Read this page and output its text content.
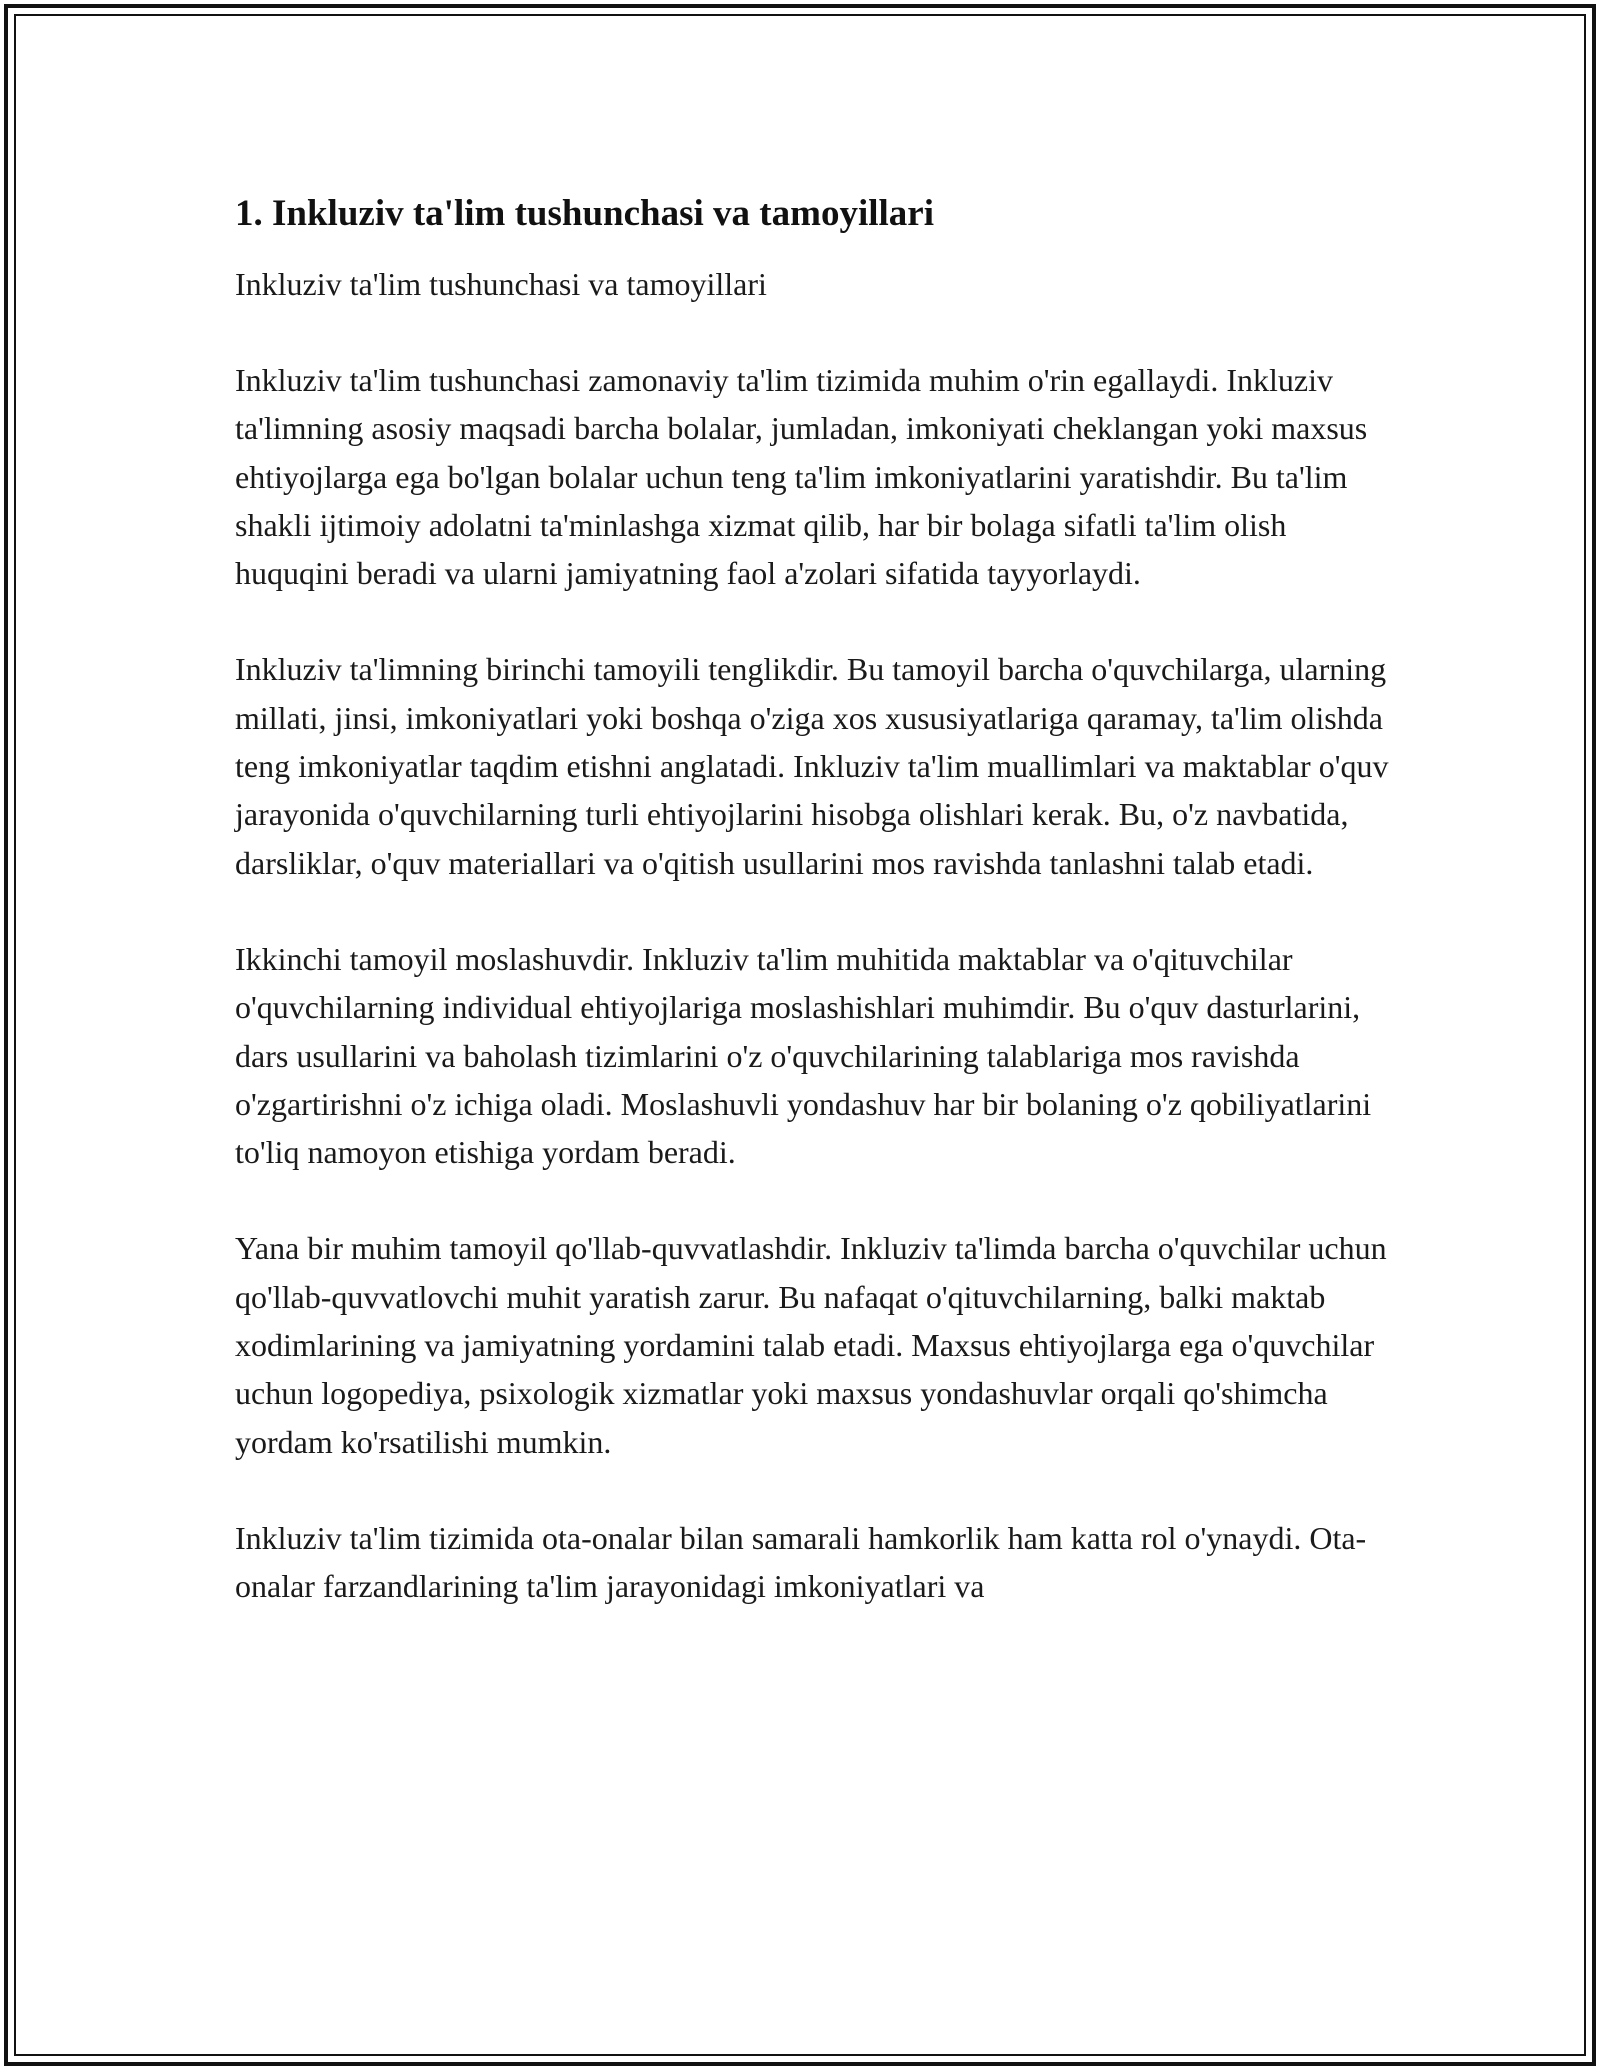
1. Inkluziv ta'lim tushunchasi va tamoyillari

Inkluziv ta'lim tushunchasi va tamoyillari

Inkluziv ta'lim tushunchasi zamonaviy ta'lim tizimida muhim o'rin egallaydi. Inkluziv ta'limning asosiy maqsadi barcha bolalar, jumladan, imkoniyati cheklangan yoki maxsus ehtiyojlarga ega bo'lgan bolalar uchun teng ta'lim imkoniyatlarini yaratishdir. Bu ta'lim shakli ijtimoiy adolatni ta'minlashga xizmat qilib, har bir bolaga sifatli ta'lim olish huquqini beradi va ularni jamiyatning faol a'zolari sifatida tayyorlaydi.

Inkluziv ta'limning birinchi tamoyili tenglikdir. Bu tamoyil barcha o'quvchilarga, ularning millati, jinsi, imkoniyatlari yoki boshqa o'ziga xos xususiyatlariga qaramay, ta'lim olishda teng imkoniyatlar taqdim etishni anglatadi. Inkluziv ta'lim muallimlari va maktablar o'quv jarayonida o'quvchilarning turli ehtiyojlarini hisobga olishlari kerak. Bu, o'z navbatida, darsliklar, o'quv materiallari va o'qitish usullarini mos ravishda tanlashni talab etadi.

Ikkinchi tamoyil moslashuvdir. Inkluziv ta'lim muhitida maktablar va o'qituvchilar o'quvchilarning individual ehtiyojlariga moslashishlari muhimdir. Bu o'quv dasturlarini, dars usullarini va baholash tizimlarini o'z o'quvchilarining talablariga mos ravishda o'zgartirishni o'z ichiga oladi. Moslashuvli yondashuv har bir bolaning o'z qobiliyatlarini to'liq namoyon etishiga yordam beradi.

Yana bir muhim tamoyil qo'llab-quvvatlashdir. Inkluziv ta'limda barcha o'quvchilar uchun qo'llab-quvvatlovchi muhit yaratish zarur. Bu nafaqat o'qituvchilarning, balki maktab xodimlarining va jamiyatning yordamini talab etadi. Maxsus ehtiyojlarga ega o'quvchilar uchun logopediya, psixologik xizmatlar yoki maxsus yondashuvlar orqali qo'shimcha yordam ko'rsatilishi mumkin.

Inkluziv ta'lim tizimida ota-onalar bilan samarali hamkorlik ham katta rol o'ynaydi. Ota-onalar farzandlarining ta'lim jarayonidagi imkoniyatlari va
